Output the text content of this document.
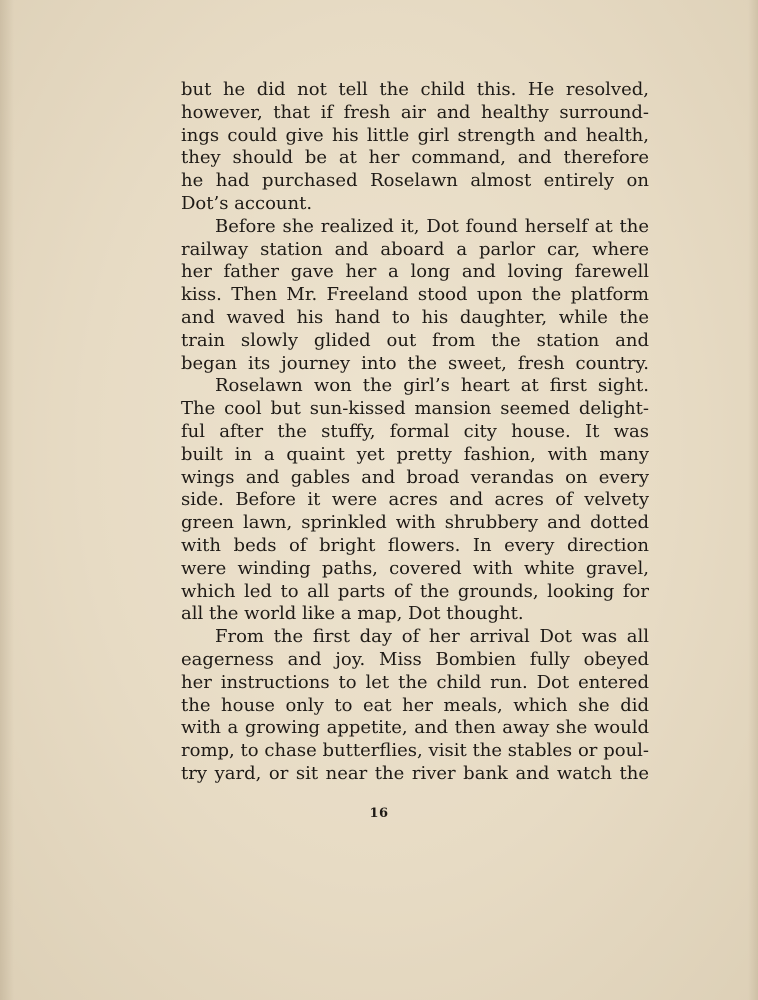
but he did not tell the child this. He resolved,
however, that if fresh air and healthy surround-
ings could give his little girl strength and health,
they should be at her command, and therefore
he had purchased Roselawn almost entirely on
Dot’s account.

Before she realized it, Dot found herself at the
railway station and aboard a parlor car, where
her father gave her a long and loving farewell
kiss. Then Mr. Freeland stood upon the platform
and waved his hand to his daughter, while the
train slowly glided out from the station and
began its journey into the sweet, fresh country.

Roselawn won the girl’s heart at first sight.
The cool but sun-kissed mansion seemed delight-
ful after the stuffy, formal city house. It was
built in a quaint yet pretty fashion, with many
wings and gables and broad verandas on every
side. Before it were acres and acres of velvety
green lawn, sprinkled with shrubbery and dotted
with beds of bright flowers. In every direction
were winding paths, covered with white gravel,
which led to all parts of the grounds, looking for
all the world like a map, Dot thought.

From the first day of her arrival Dot was all
eagerness and joy. Miss Bombien fully obeyed
her instructions to let the child run. Dot entered
the house only to eat her meals, which she did
with a growing appetite, and then away she would
romp, to chase butterflies, visit the stables or poul-
try yard, or sit near the river bank and watch the

16
